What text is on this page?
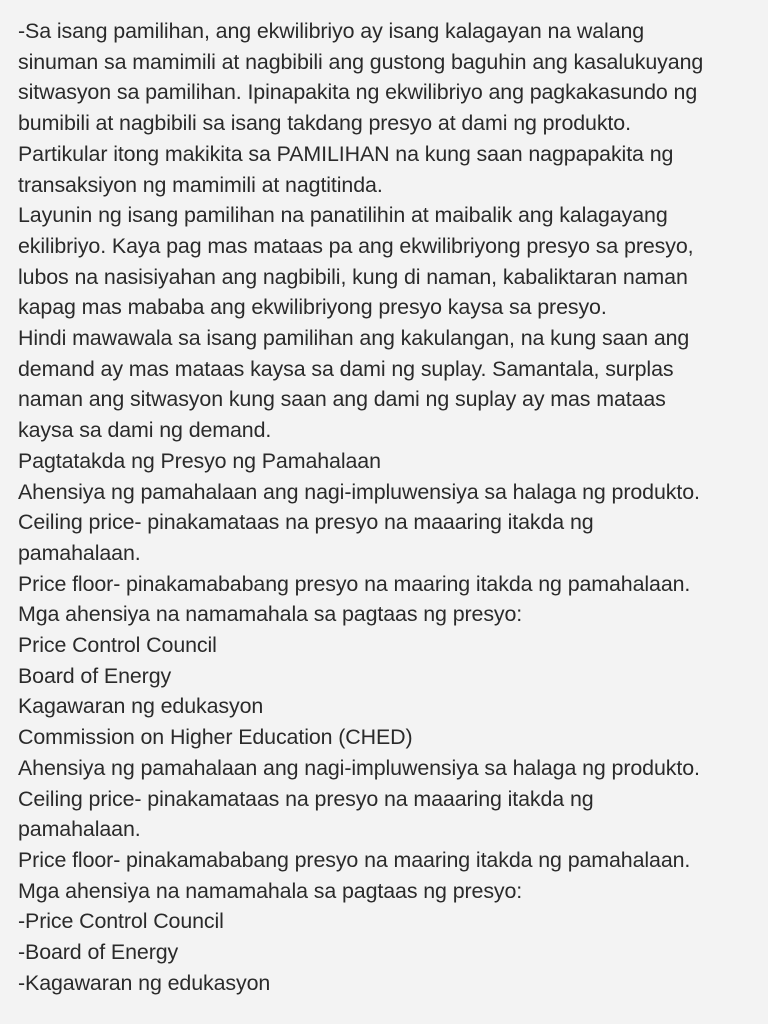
-Sa isang pamilihan, ang ekwilibriyo ay isang kalagayan na walang
sinuman sa mamimili at nagbibili ang gustong baguhin ang kasalukuyang
sitwasyon sa pamilihan. Ipinapakita ng ekwilibriyo ang pagkakasundo ng
bumibili at nagbibili sa isang takdang presyo at dami ng produkto.
Partikular itong makikita sa PAMILIHAN na kung saan nagpapakita ng
transaksiyon ng mamimili at nagtitinda.
Layunin ng isang pamilihan na panatilihin at maibalik ang kalagayang
ekilibriyo. Kaya pag mas mataas pa ang ekwilibriyong presyo sa presyo,
lubos na nasisiyahan ang nagbibili, kung di naman, kabaliktaran naman
kapag mas mababa ang ekwilibriyong presyo kaysa sa presyo.
Hindi mawawala sa isang pamilihan ang kakulangan, na kung saan ang
demand ay mas mataas kaysa sa dami ng suplay. Samantala, surplas
naman ang sitwasyon kung saan ang dami ng suplay ay mas mataas
kaysa sa dami ng demand.
Pagtatakda ng Presyo ng Pamahalaan
Ahensiya ng pamahalaan ang nagi-impluwensiya sa halaga ng produkto.
Ceiling price- pinakamataas na presyo na maaaring itakda ng
pamahalaan.
Price floor- pinakamababang presyo na maaring itakda ng pamahalaan.
Mga ahensiya na namamahala sa pagtaas ng presyo:
Price Control Council
Board of Energy
Kagawaran ng edukasyon
Commission on Higher Education (CHED)
Ahensiya ng pamahalaan ang nagi-impluwensiya sa halaga ng produkto.
Ceiling price- pinakamataas na presyo na maaaring itakda ng
pamahalaan.
Price floor- pinakamababang presyo na maaring itakda ng pamahalaan.
Mga ahensiya na namamahala sa pagtaas ng presyo:
-Price Control Council
-Board of Energy
-Kagawaran ng edukasyon
